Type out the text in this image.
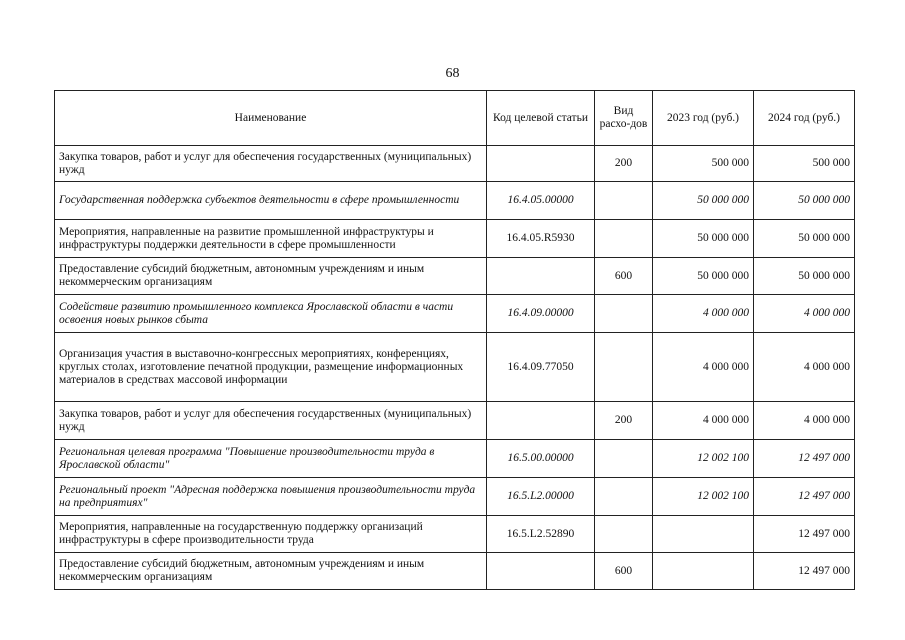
68
Наименование	Код целевой статьи	Вид расхо-дов	2023 год (руб.)	2024 год (руб.)
Закупка товаров, работ и услуг для обеспечения государственных (муниципальных) нужд		200	500 000	500 000
Государственная поддержка субъектов деятельности в сфере промышленности	16.4.05.00000		50 000 000	50 000 000
Мероприятия, направленные на развитие промышленной инфраструктуры и инфраструктуры поддержки деятельности в сфере промышленности	16.4.05.R5930		50 000 000	50 000 000
Предоставление субсидий бюджетным, автономным учреждениям и иным некоммерческим организациям		600	50 000 000	50 000 000
Содействие развитию промышленного комплекса Ярославской области в части освоения новых рынков сбыта	16.4.09.00000		4 000 000	4 000 000
Организация участия в выставочно-конгрессных мероприятиях, конференциях, круглых столах, изготовление печатной продукции, размещение информационных материалов в средствах массовой информации	16.4.09.77050		4 000 000	4 000 000
Закупка товаров, работ и услуг для обеспечения государственных (муниципальных) нужд		200	4 000 000	4 000 000
Региональная целевая программа "Повышение производительности труда в Ярославской области"	16.5.00.00000		12 002 100	12 497 000
Региональный проект "Адресная поддержка повышения производительности труда на предприятиях"	16.5.L2.00000		12 002 100	12 497 000
Мероприятия, направленные на государственную поддержку организаций инфраструктуры в сфере производительности труда	16.5.L2.52890			12 497 000
Предоставление субсидий бюджетным, автономным учреждениям и иным некоммерческим организациям		600		12 497 000
